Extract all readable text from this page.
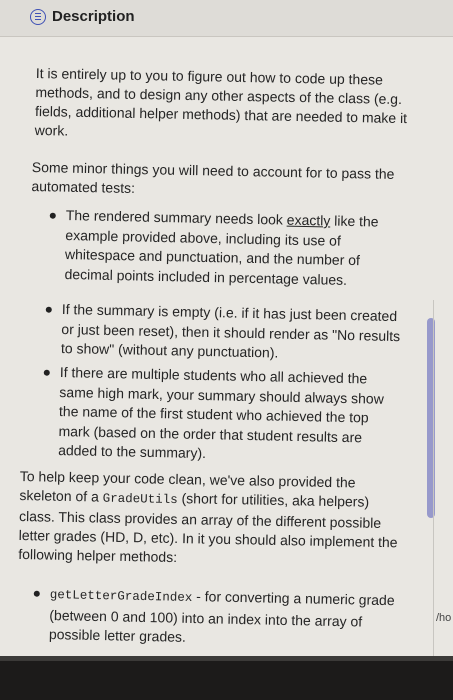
Description
It is entirely up to you to figure out how to code up these methods, and to design any other aspects of the class (e.g. fields, additional helper methods) that are needed to make it work.
Some minor things you will need to account for to pass the automated tests:
The rendered summary needs look exactly like the example provided above, including its use of whitespace and punctuation, and the number of decimal points included in percentage values.
If the summary is empty (i.e. if it has just been created or just been reset), then it should render as "No results to show" (without any punctuation).
If there are multiple students who all achieved the same high mark, your summary should always show the name of the first student who achieved the top mark (based on the order that student results are added to the summary).
To help keep your code clean, we've also provided the skeleton of a GradeUtils (short for utilities, aka helpers) class. This class provides an array of the different possible letter grades (HD, D, etc). In it you should also implement the following helper methods:
getLetterGradeIndex - for converting a numeric grade (between 0 and 100) into an index into the array of possible letter grades.
/ho
